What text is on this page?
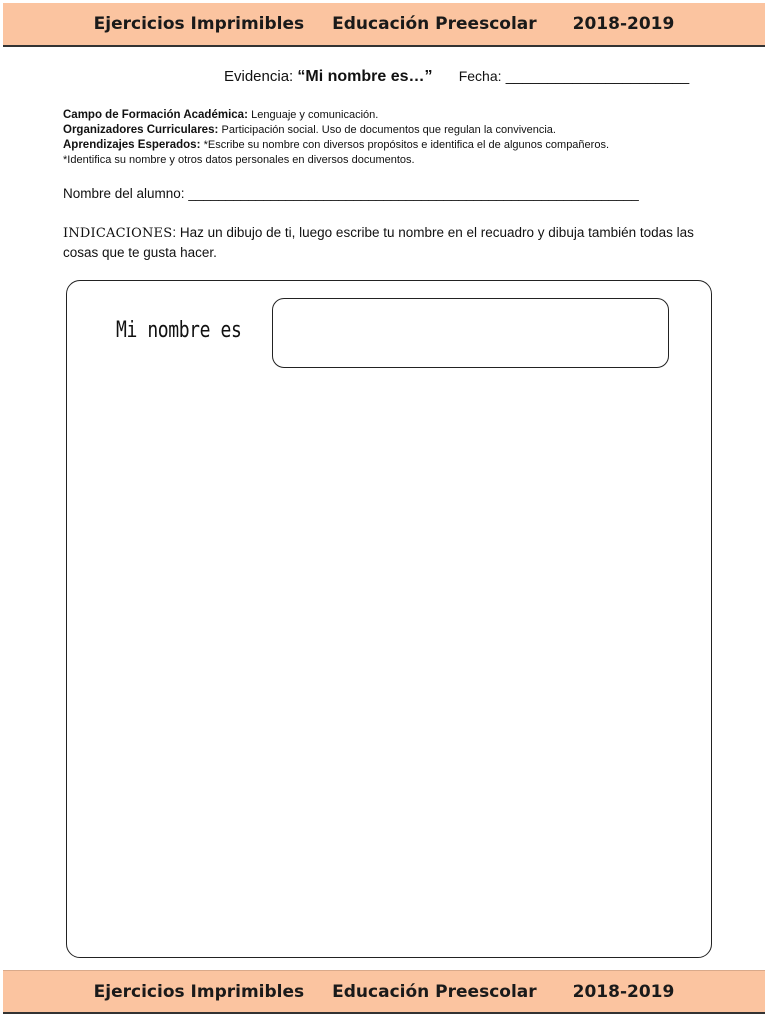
Ejercicios Imprimibles Educación Preescolar 2018-2019
Evidencia: “Mi nombre es…” Fecha: ______________________
Campo de Formación Académica: Lenguaje y comunicación.
Organizadores Curriculares: Participación social. Uso de documentos que regulan la convivencia.
Aprendizajes Esperados: *Escribe su nombre con diversos propósitos e identifica el de algunos compañeros.
*Identifica su nombre y otros datos personales en diversos documentos.
Nombre del alumno: ____________________________________________________________
INDICACIONES: Haz un dibujo de ti, luego escribe tu nombre en el recuadro y dibuja también todas las cosas que te gusta hacer.
Mi nombre es
Ejercicios Imprimibles Educación Preescolar 2018-2019
